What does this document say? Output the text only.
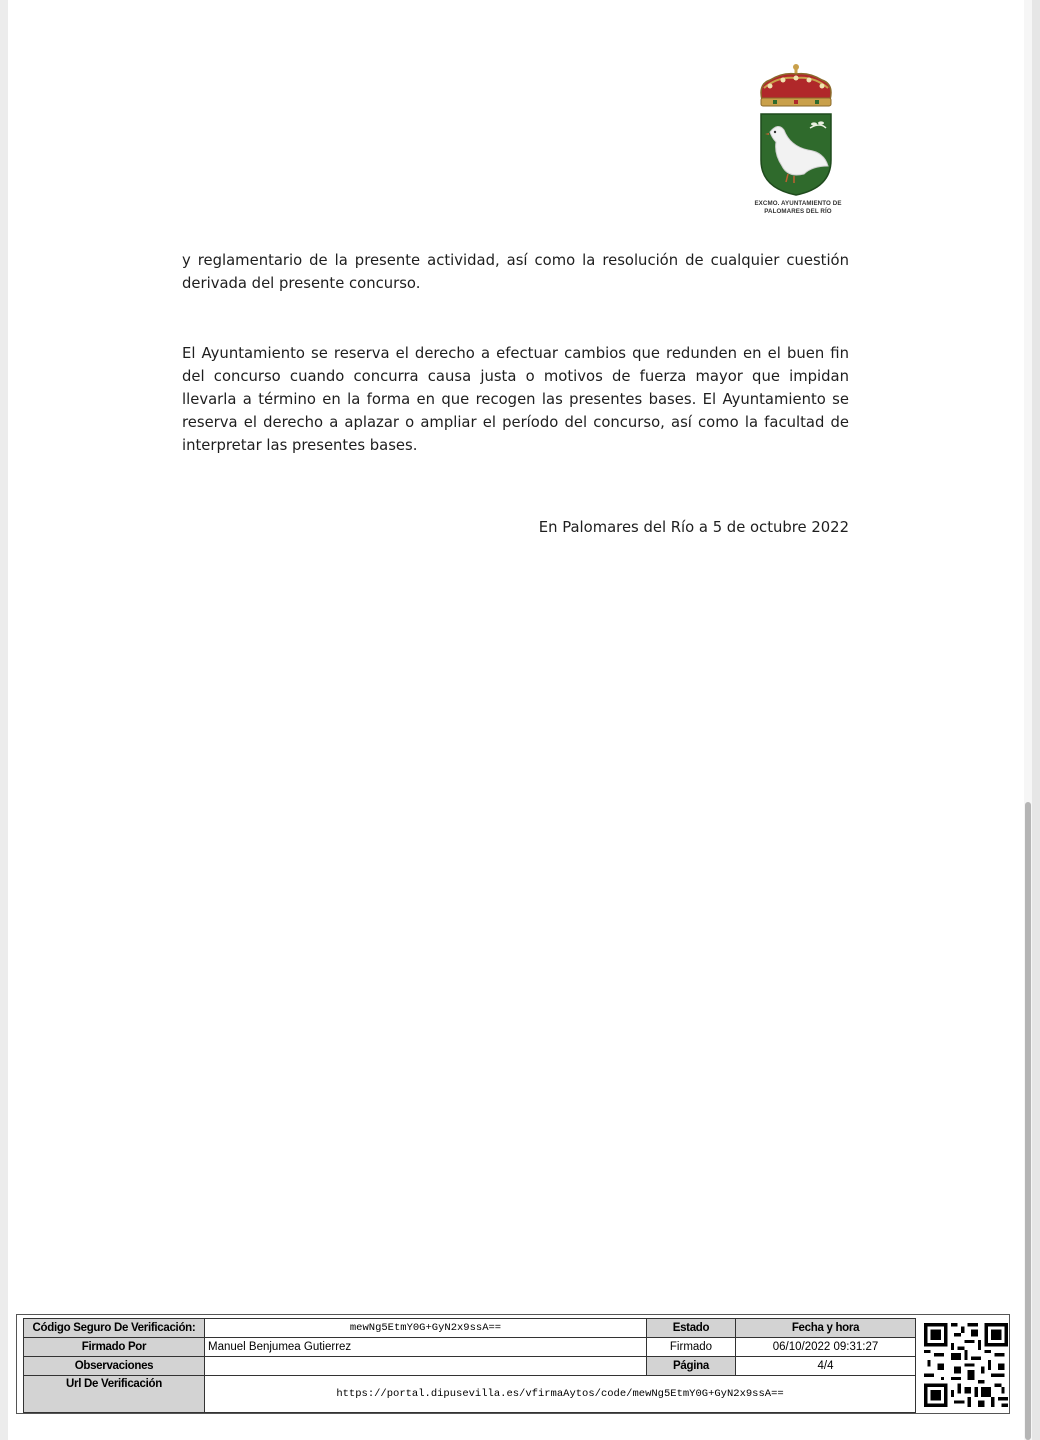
EXCMO. AYUNTAMIENTO DE
PALOMARES DEL RÍO

y reglamentario de la presente actividad, así como la resolución de cualquier cuestión derivada del presente concurso.

El Ayuntamiento se reserva el derecho a efectuar cambios que redunden en el buen fin del concurso cuando concurra causa justa o motivos de fuerza mayor que impidan llevarla a término en la forma en que recogen las presentes bases. El Ayuntamiento se reserva el derecho a aplazar o ampliar el período del concurso, así como la facultad de interpretar las presentes bases.

En Palomares del Río a 5 de octubre 2022
Código Seguro De Verificación:	mewNg5EtmY0G+GyN2x9ssA==	Estado	Fecha y hora
Firmado Por	Manuel Benjumea Gutierrez	Firmado	06/10/2022 09:31:27
Observaciones		Página	4/4
Url De Verificación	https://portal.dipusevilla.es/vfirmaAytos/code/mewNg5EtmY0G+GyN2x9ssA==		
